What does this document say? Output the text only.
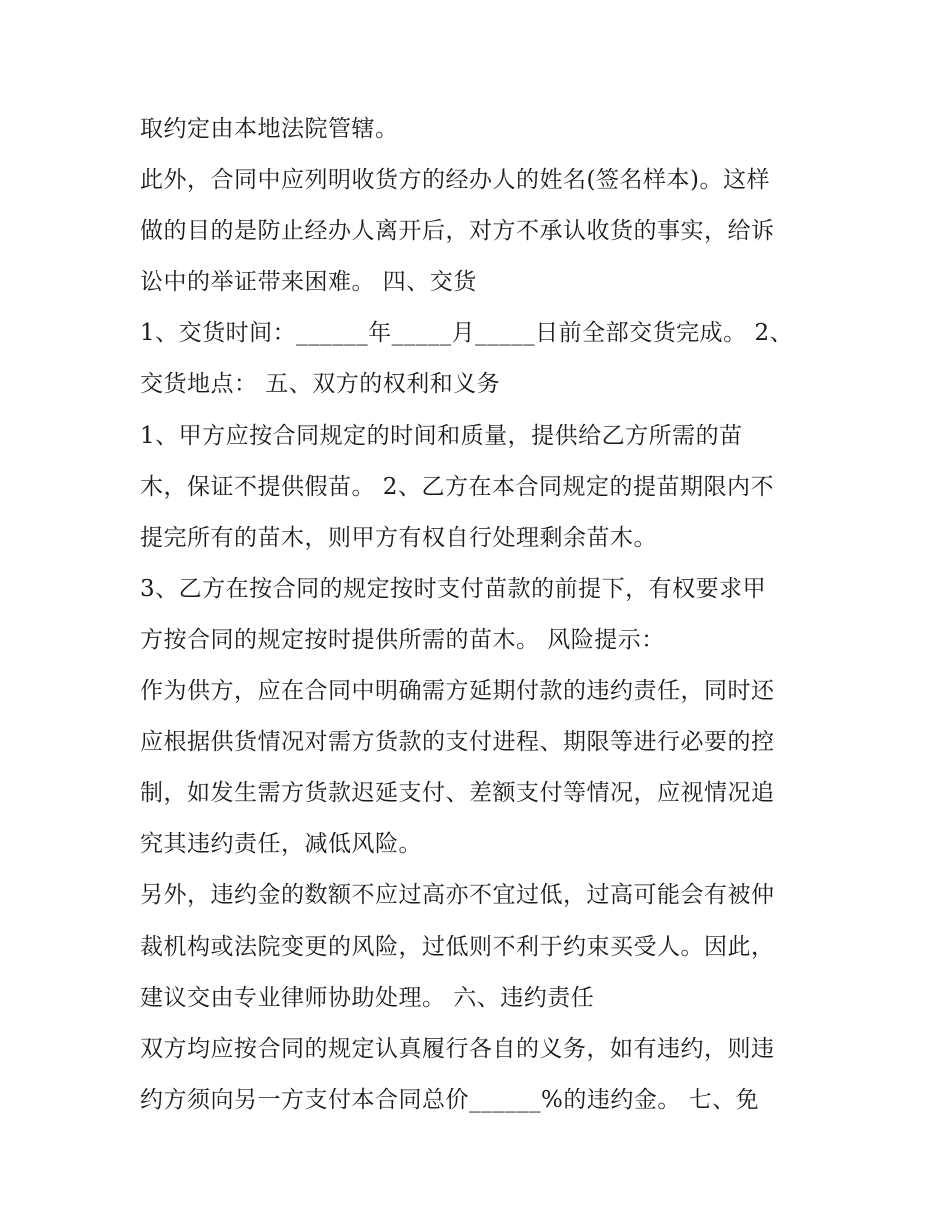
取约定由本地法院管辖。
此外，合同中应列明收货方的经办人的姓名(签名样本)。这样
做的目的是防止经办人离开后，对方不承认收货的事实，给诉
讼中的举证带来困难。 四、交货
1、交货时间：______年_____月_____日前全部交货完成。 2、
交货地点： 五、双方的权利和义务
1、甲方应按合同规定的时间和质量，提供给乙方所需的苗
木，保证不提供假苗。 2、乙方在本合同规定的提苗期限内不
提完所有的苗木，则甲方有权自行处理剩余苗木。
3、乙方在按合同的规定按时支付苗款的前提下，有权要求甲
方按合同的规定按时提供所需的苗木。 风险提示：
作为供方，应在合同中明确需方延期付款的违约责任，同时还
应根据供货情况对需方货款的支付进程、期限等进行必要的控
制，如发生需方货款迟延支付、差额支付等情况，应视情况追
究其违约责任，减低风险。
另外，违约金的数额不应过高亦不宜过低，过高可能会有被仲
裁机构或法院变更的风险，过低则不利于约束买受人。因此，
建议交由专业律师协助处理。 六、违约责任
双方均应按合同的规定认真履行各自的义务，如有违约，则违
约方须向另一方支付本合同总价______%的违约金。 七、免
